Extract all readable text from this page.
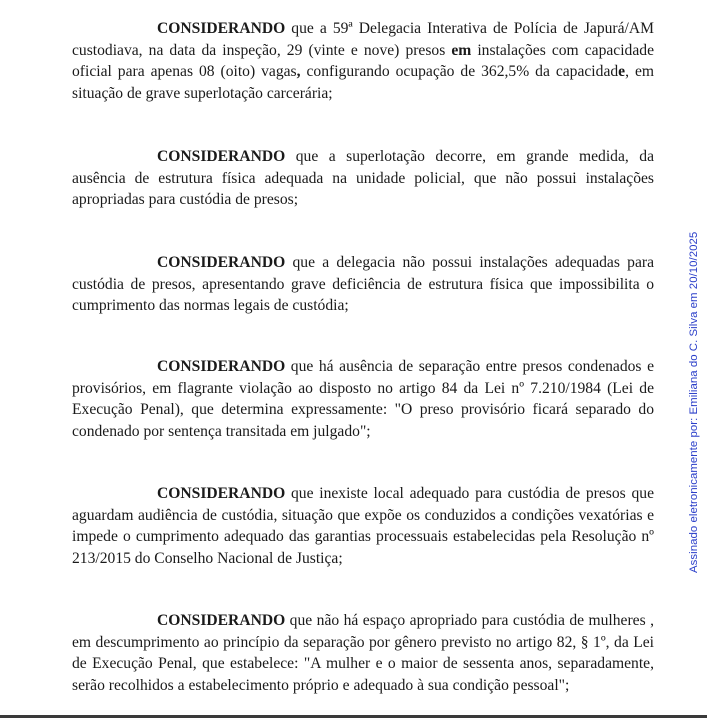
CONSIDERANDO que a 59ª Delegacia Interativa de Polícia de Japurá/AM custodiava, na data da inspeção, 29 (vinte e nove) presos em instalações com capacidade oficial para apenas 08 (oito) vagas, configurando ocupação de 362,5% da capacidade, em situação de grave superlotação carcerária;

CONSIDERANDO que a superlotação decorre, em grande medida, da ausência de estrutura física adequada na unidade policial, que não possui instalações apropriadas para custódia de presos;

CONSIDERANDO que a delegacia não possui instalações adequadas para custódia de presos, apresentando grave deficiência de estrutura física que impossibilita o cumprimento das normas legais de custódia;

CONSIDERANDO que há ausência de separação entre presos condenados e provisórios, em flagrante violação ao disposto no artigo 84 da Lei nº 7.210/1984 (Lei de Execução Penal), que determina expressamente: "O preso provisório ficará separado do condenado por sentença transitada em julgado";

CONSIDERANDO que inexiste local adequado para custódia de presos que aguardam audiência de custódia, situação que expõe os conduzidos a condições vexatórias e impede o cumprimento adequado das garantias processuais estabelecidas pela Resolução nº 213/2015 do Conselho Nacional de Justiça;

CONSIDERANDO que não há espaço apropriado para custódia de mulheres , em descumprimento ao princípio da separação por gênero previsto no artigo 82, § 1º, da Lei de Execução Penal, que estabelece: "A mulher e o maior de sessenta anos, separadamente, serão recolhidos a estabelecimento próprio e adequado à sua condição pessoal";

Assinado eletronicamente por: Emiliana do C. Silva em 20/10/2025
